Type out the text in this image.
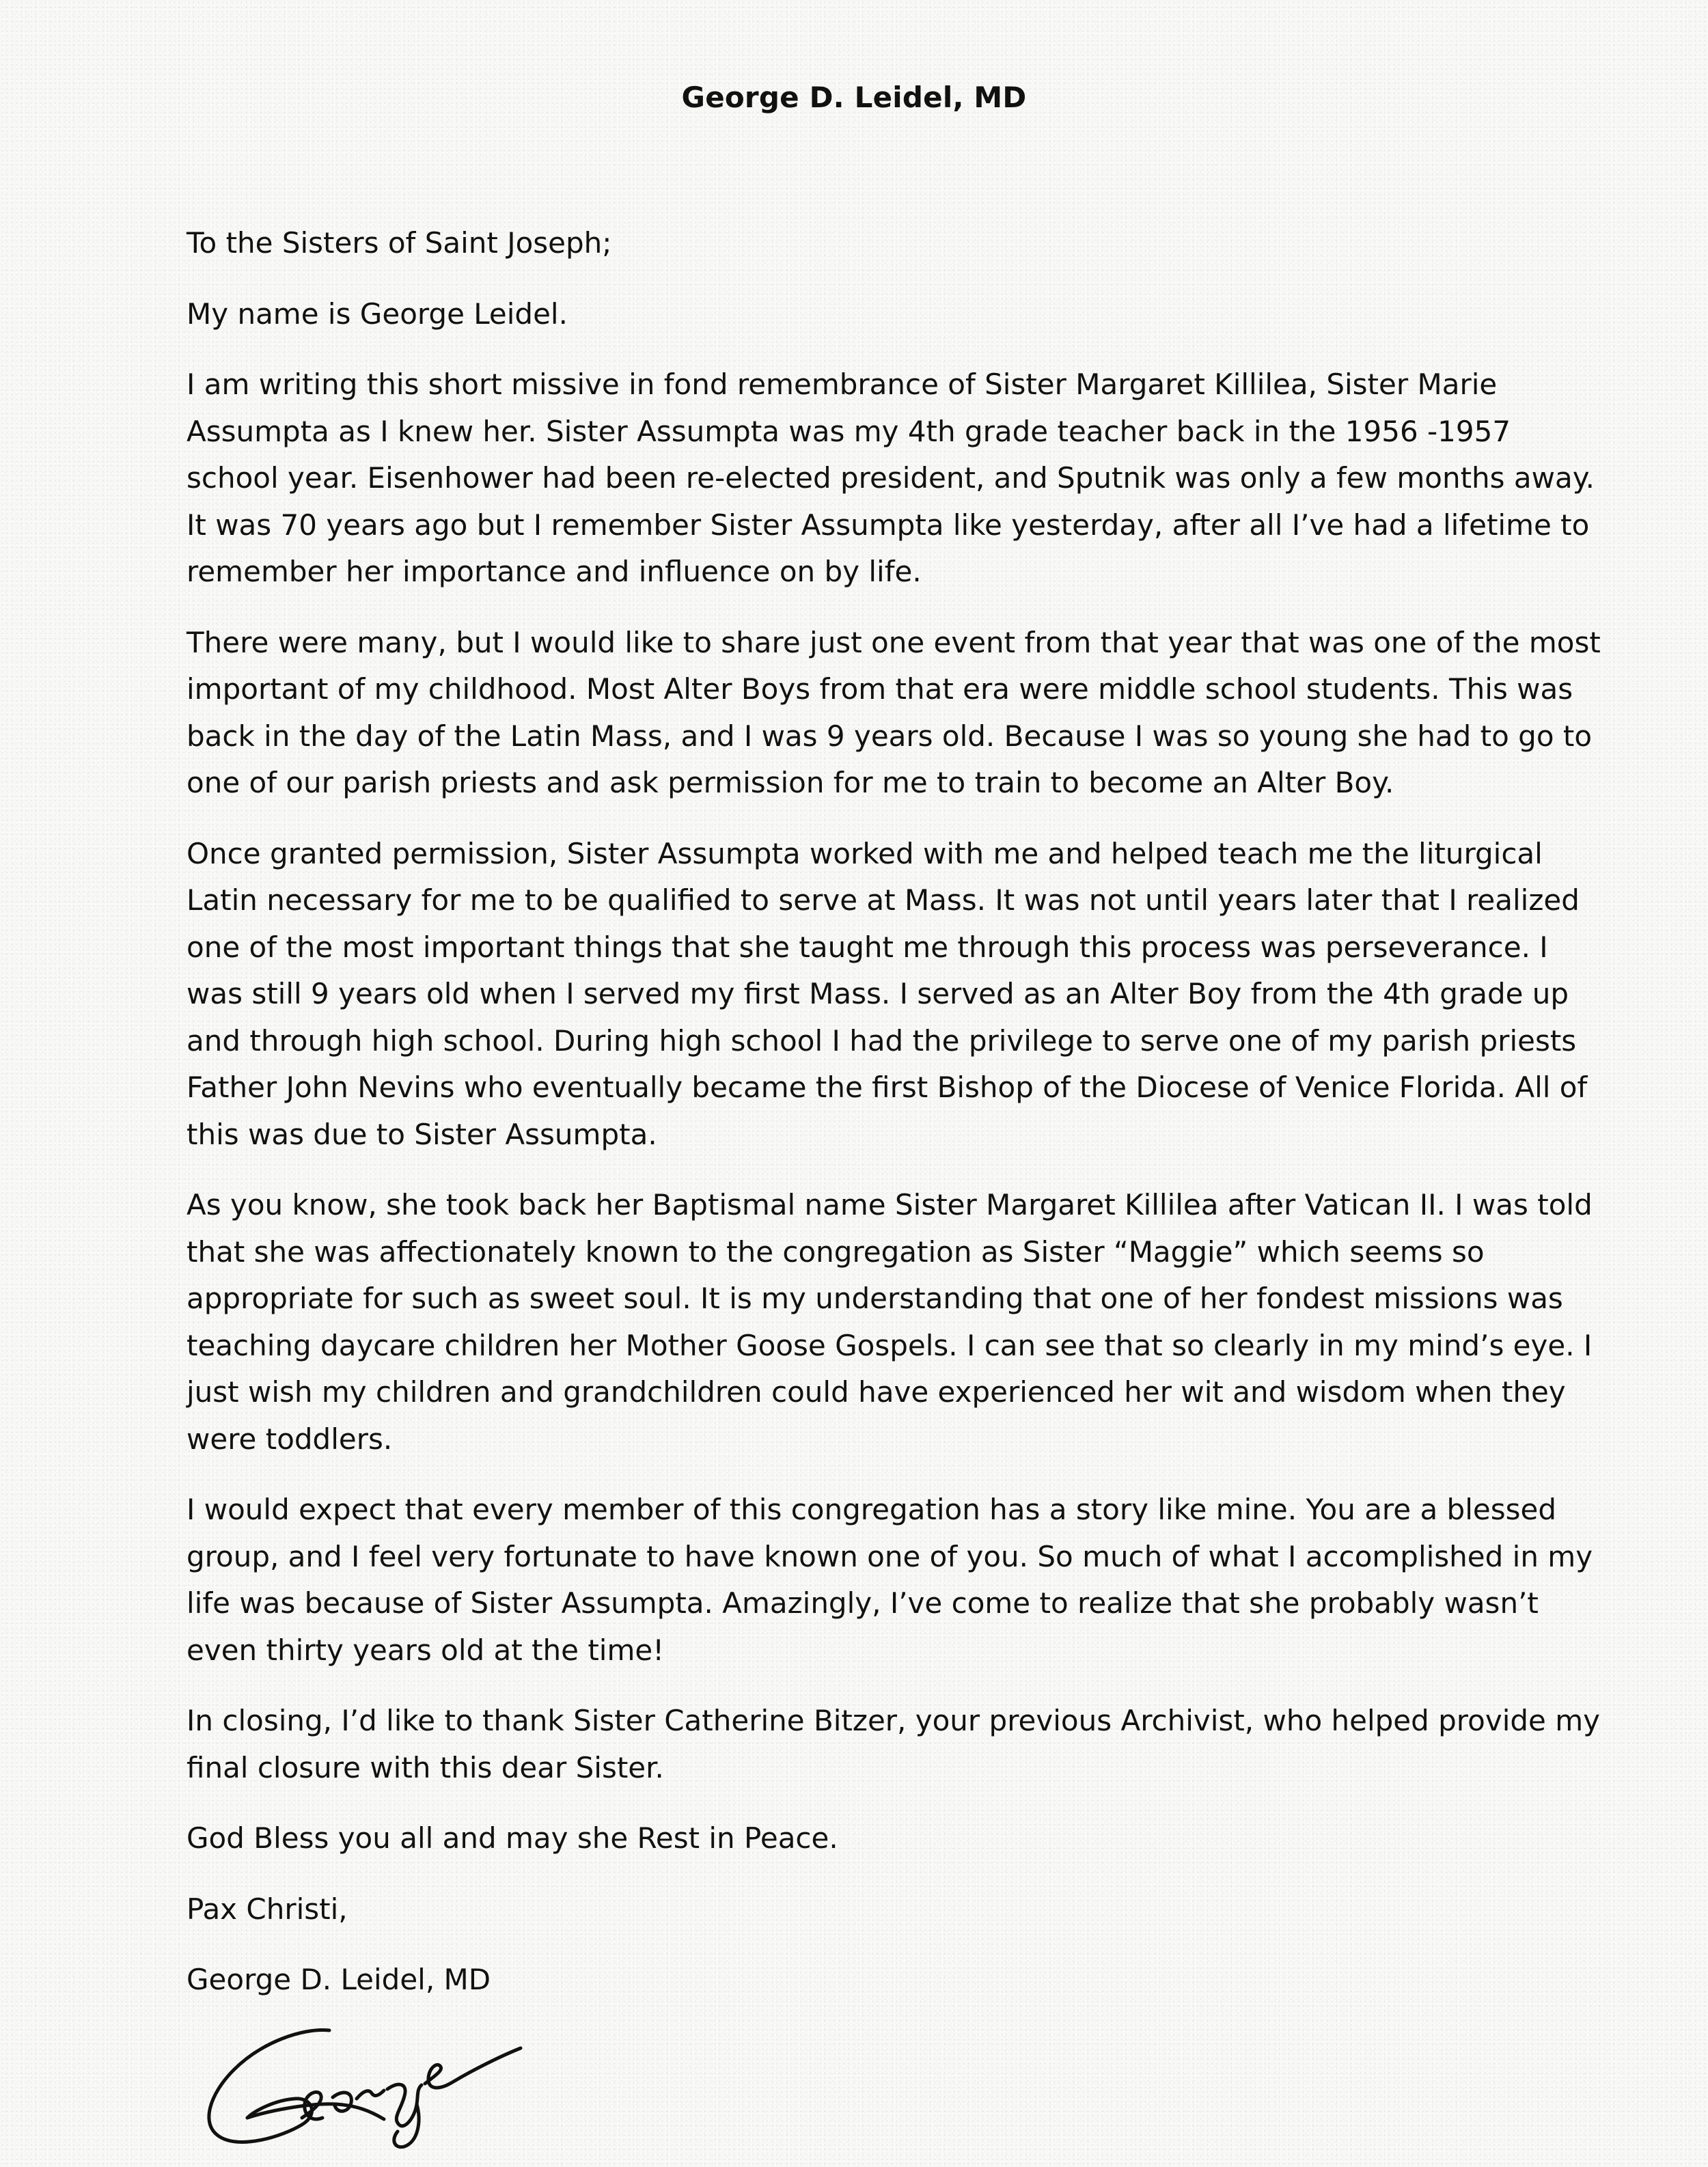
George D. Leidel, MD

To the Sisters of Saint Joseph;

My name is George Leidel.

I am writing this short missive in fond remembrance of Sister Margaret Killilea, Sister Marie Assumpta as I knew her. Sister Assumpta was my 4th grade teacher back in the 1956 -1957 school year. Eisenhower had been re-elected president, and Sputnik was only a few months away. It was 70 years ago but I remember Sister Assumpta like yesterday, after all I’ve had a lifetime to remember her importance and influence on by life.

There were many, but I would like to share just one event from that year that was one of the most important of my childhood. Most Alter Boys from that era were middle school students. This was back in the day of the Latin Mass, and I was 9 years old. Because I was so young she had to go to one of our parish priests and ask permission for me to train to become an Alter Boy.

Once granted permission, Sister Assumpta worked with me and helped teach me the liturgical Latin necessary for me to be qualified to serve at Mass. It was not until years later that I realized one of the most important things that she taught me through this process was perseverance. I was still 9 years old when I served my first Mass. I served as an Alter Boy from the 4th grade up and through high school. During high school I had the privilege to serve one of my parish priests Father John Nevins who eventually became the first Bishop of the Diocese of Venice Florida. All of this was due to Sister Assumpta.

As you know, she took back her Baptismal name Sister Margaret Killilea after Vatican II. I was told that she was affectionately known to the congregation as Sister “Maggie” which seems so appropriate for such as sweet soul. It is my understanding that one of her fondest missions was teaching daycare children her Mother Goose Gospels. I can see that so clearly in my mind’s eye. I just wish my children and grandchildren could have experienced her wit and wisdom when they were toddlers.

I would expect that every member of this congregation has a story like mine. You are a blessed group, and I feel very fortunate to have known one of you. So much of what I accomplished in my life was because of Sister Assumpta. Amazingly, I’ve come to realize that she probably wasn’t even thirty years old at the time!

In closing, I’d like to thank Sister Catherine Bitzer, your previous Archivist, who helped provide my final closure with this dear Sister.

God Bless you all and may she Rest in Peace.

Pax Christi,

George D. Leidel, MD
